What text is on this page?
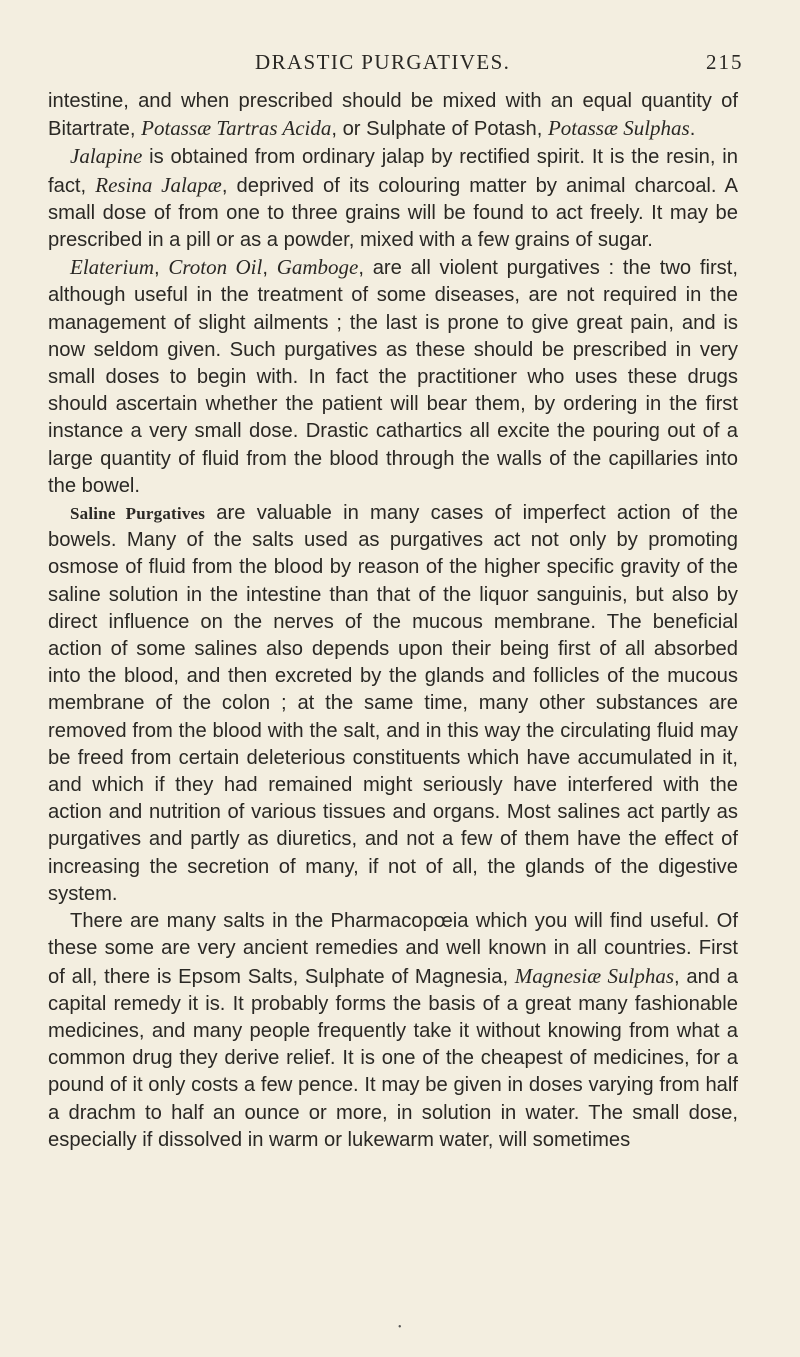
DRASTIC PURGATIVES.	215

intestine, and when prescribed should be mixed with an equal quantity of Bitartrate, Potassæ Tartras Acida, or Sulphate of Potash, Potassæ Sulphas.

Jalapine is obtained from ordinary jalap by rectified spirit. It is the resin, in fact, Resina Jalapæ, deprived of its colouring matter by animal charcoal. A small dose of from one to three grains will be found to act freely. It may be prescribed in a pill or as a powder, mixed with a few grains of sugar.

Elaterium, Croton Oil, Gamboge, are all violent purgatives : the two first, although useful in the treatment of some diseases, are not required in the management of slight ailments ; the last is prone to give great pain, and is now seldom given. Such purgatives as these should be prescribed in very small doses to begin with. In fact the practitioner who uses these drugs should ascertain whether the patient will bear them, by ordering in the first instance a very small dose. Drastic cathartics all excite the pouring out of a large quantity of fluid from the blood through the walls of the capillaries into the bowel.

Saline Purgatives are valuable in many cases of imperfect action of the bowels. Many of the salts used as purgatives act not only by promoting osmose of fluid from the blood by reason of the higher specific gravity of the saline solution in the intestine than that of the liquor sanguinis, but also by direct influence on the nerves of the mucous membrane. The beneficial action of some salines also depends upon their being first of all absorbed into the blood, and then excreted by the glands and follicles of the mucous membrane of the colon ; at the same time, many other substances are removed from the blood with the salt, and in this way the circulating fluid may be freed from certain deleterious constituents which have accumulated in it, and which if they had remained might seriously have interfered with the action and nutrition of various tissues and organs. Most salines act partly as purgatives and partly as diuretics, and not a few of them have the effect of increasing the secretion of many, if not of all, the glands of the digestive system.

There are many salts in the Pharmacopœia which you will find useful. Of these some are very ancient remedies and well known in all countries. First of all, there is Epsom Salts, Sulphate of Magnesia, Magnesiæ Sulphas, and a capital remedy it is. It probably forms the basis of a great many fashionable medicines, and many people frequently take it without knowing from what a common drug they derive relief. It is one of the cheapest of medicines, for a pound of it only costs a few pence. It may be given in doses varying from half a drachm to half an ounce or more, in solution in water. The small dose, especially if dissolved in warm or lukewarm water, will sometimes

•
